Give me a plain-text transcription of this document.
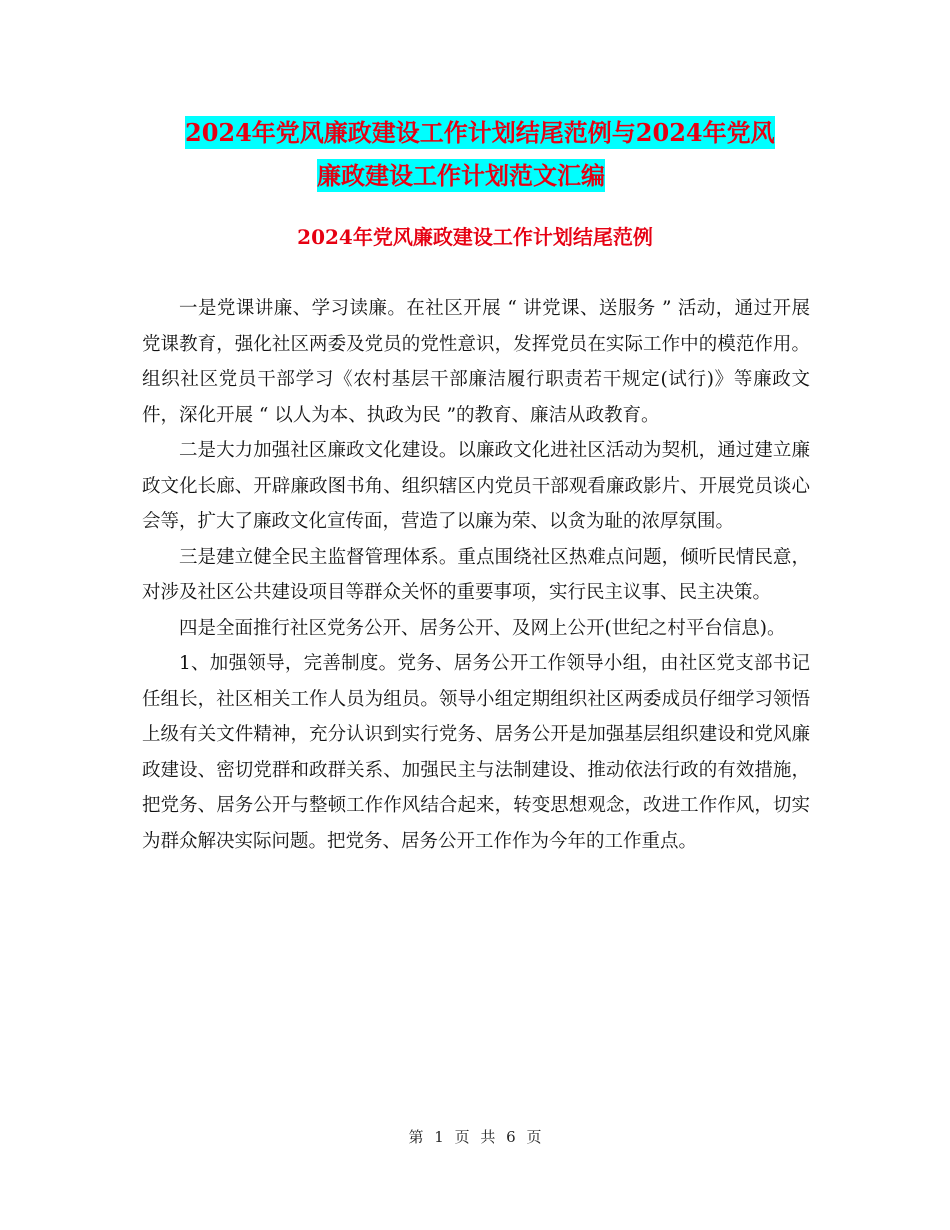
2024年党风廉政建设工作计划结尾范例与2024年党风
廉政建设工作计划范文汇编
2024年党风廉政建设工作计划结尾范例

一是党课讲廉、学习读廉。在社区开展 “ 讲党课、送服务 ” 活动，通过开展党课教育，强化社区两委及党员的党性意识，发挥党员在实际工作中的模范作用。组织社区党员干部学习《农村基层干部廉洁履行职责若干规定(试行)》等廉政文件，深化开展 “ 以人为本、执政为民 ”的教育、廉洁从政教育。

二是大力加强社区廉政文化建设。以廉政文化进社区活动为契机，通过建立廉政文化长廊、开辟廉政图书角、组织辖区内党员干部观看廉政影片、开展党员谈心会等，扩大了廉政文化宣传面，营造了以廉为荣、以贪为耻的浓厚氛围。

三是建立健全民主监督管理体系。重点围绕社区热难点问题，倾听民情民意，对涉及社区公共建设项目等群众关怀的重要事项，实行民主议事、民主决策。

四是全面推行社区党务公开、居务公开、及网上公开(世纪之村平台信息)。

1、加强领导，完善制度。党务、居务公开工作领导小组，由社区党支部书记任组长，社区相关工作人员为组员。领导小组定期组织社区两委成员仔细学习领悟上级有关文件精神，充分认识到实行党务、居务公开是加强基层组织建设和党风廉政建设、密切党群和政群关系、加强民主与法制建设、推动依法行政的有效措施，把党务、居务公开与整顿工作作风结合起来，转变思想观念，改进工作作风，切实为群众解决实际问题。把党务、居务公开工作作为今年的工作重点。

第 1 页 共 6 页
